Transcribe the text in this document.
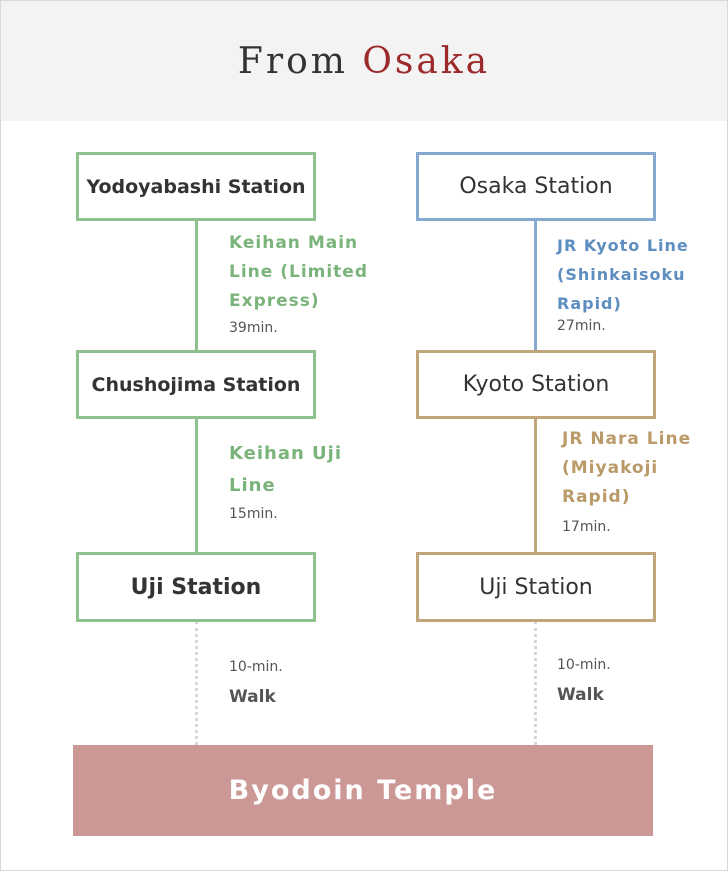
From Osaka
Yodoyabashi Station
Chushojima Station
Uji Station
Keihan Main
Line (Limited
Express)
39min.
Keihan Uji
Line
15min.
10-min.
Walk
Osaka Station
Kyoto Station
Uji Station
JR Kyoto Line
(Shinkaisoku
Rapid)
27min.
JR Nara Line
(Miyakoji
Rapid)
17min.
10-min.
Walk
Byodoin Temple
